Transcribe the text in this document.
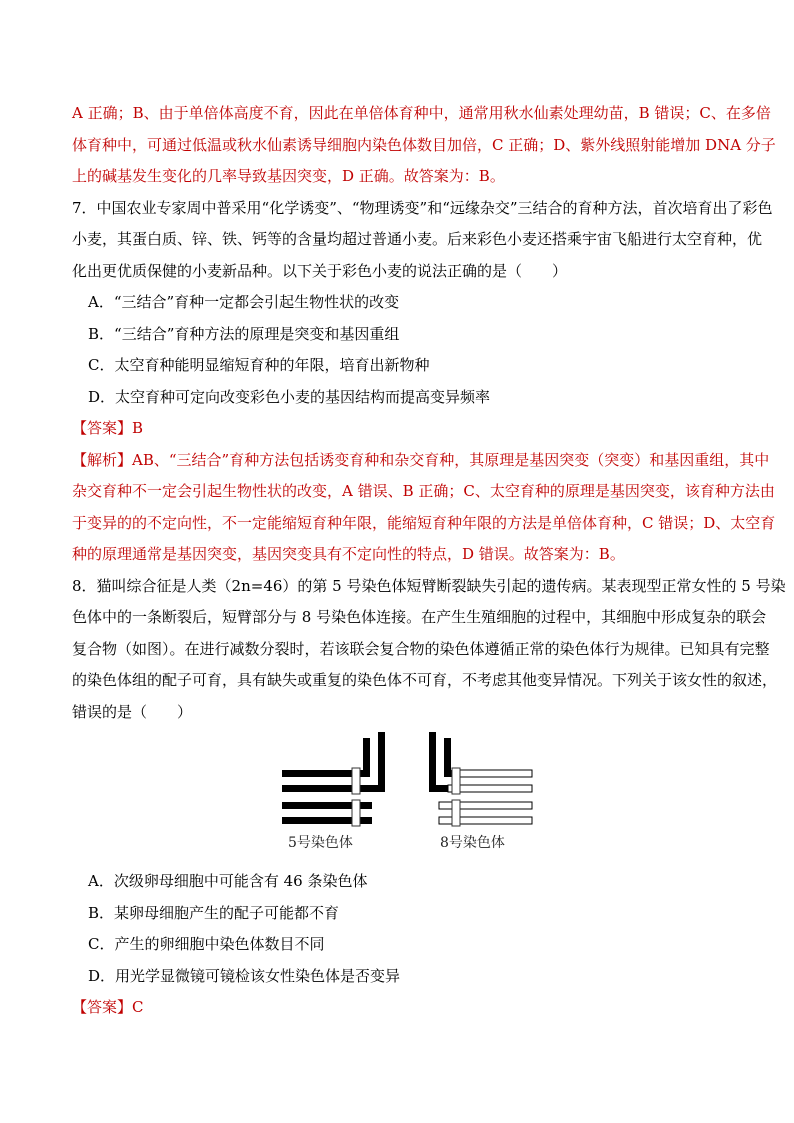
A 正确；B、由于单倍体高度不育，因此在单倍体育种中，通常用秋水仙素处理幼苗，B 错误；C、在多倍
体育种中，可通过低温或秋水仙素诱导细胞内染色体数目加倍，C 正确；D、紫外线照射能增加 DNA 分子
上的碱基发生变化的几率导致基因突变，D 正确。故答案为：B。
7．中国农业专家周中普采用“化学诱变”、“物理诱变”和“远缘杂交”三结合的育种方法，首次培育出了彩色
小麦，其蛋白质、锌、铁、钙等的含量均超过普通小麦。后来彩色小麦还搭乘宇宙飞船进行太空育种，优
化出更优质保健的小麦新品种。以下关于彩色小麦的说法正确的是（　　）
A．“三结合”育种一定都会引起生物性状的改变
B．“三结合”育种方法的原理是突变和基因重组
C．太空育种能明显缩短育种的年限，培育出新物种
D．太空育种可定向改变彩色小麦的基因结构而提高变异频率
【答案】B
【解析】AB、“三结合”育种方法包括诱变育种和杂交育种，其原理是基因突变（突变）和基因重组，其中
杂交育种不一定会引起生物性状的改变，A 错误、B 正确；C、太空育种的原理是基因突变，该育种方法由
于变异的的不定向性，不一定能缩短育种年限，能缩短育种年限的方法是单倍体育种，C 错误；D、太空育
种的原理通常是基因突变，基因突变具有不定向性的特点，D 错误。故答案为：B。
8．猫叫综合征是人类（2n=46）的第 5 号染色体短臂断裂缺失引起的遗传病。某表现型正常女性的 5 号染
色体中的一条断裂后，短臂部分与 8 号染色体连接。在产生生殖细胞的过程中，其细胞中形成复杂的联会
复合物（如图）。在进行减数分裂时，若该联会复合物的染色体遵循正常的染色体行为规律。已知具有完整
的染色体组的配子可育，具有缺失或重复的染色体不可育，不考虑其他变异情况。下列关于该女性的叙述，
错误的是（　　）
5号染色体	8号染色体
A．次级卵母细胞中可能含有 46 条染色体
B．某卵母细胞产生的配子可能都不育
C．产生的卵细胞中染色体数目不同
D．用光学显微镜可镜检该女性染色体是否变异
【答案】C
